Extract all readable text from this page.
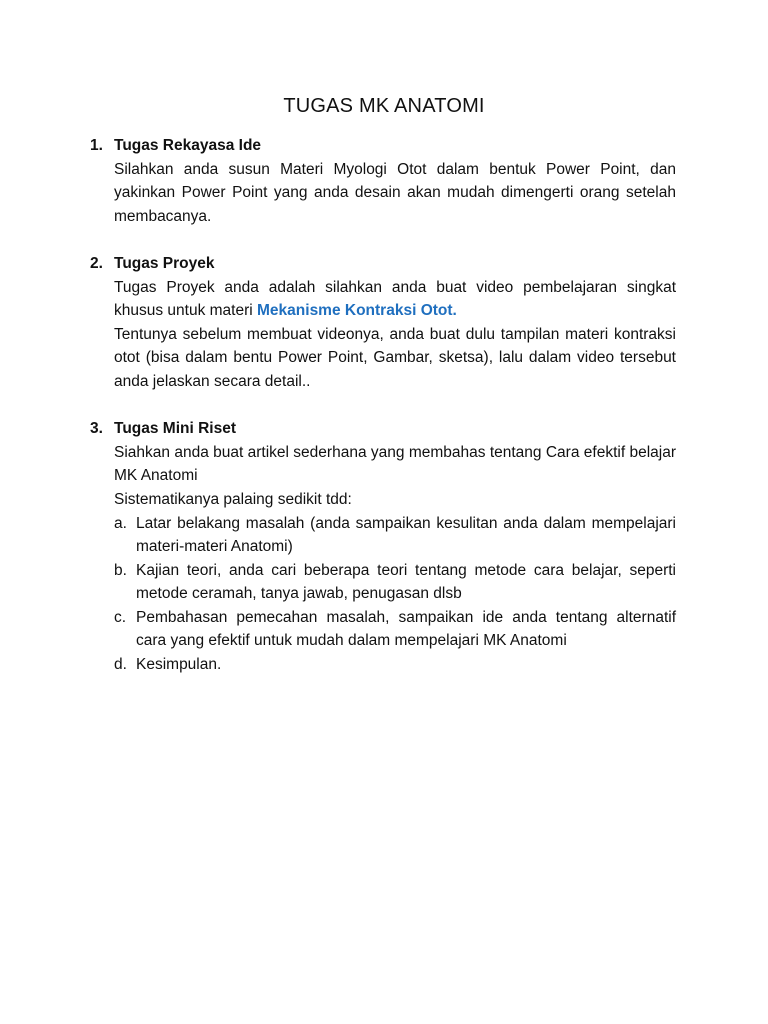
TUGAS MK ANATOMI
1. Tugas Rekayasa Ide

Silahkan anda susun Materi Myologi Otot dalam bentuk Power Point, dan yakinkan Power Point yang anda desain akan mudah dimengerti orang setelah membacanya.

2. Tugas Proyek

Tugas Proyek anda adalah silahkan anda buat video pembelajaran singkat khusus untuk materi Mekanisme Kontraksi Otot.

Tentunya sebelum membuat videonya, anda buat dulu tampilan materi kontraksi otot (bisa dalam bentu Power Point, Gambar, sketsa), lalu dalam video tersebut anda jelaskan secara detail..

3. Tugas Mini Riset

Siahkan anda buat artikel sederhana yang membahas tentang Cara efektif belajar MK Anatomi

Sistematikanya palaing sedikit tdd:

a. Latar belakang masalah (anda sampaikan kesulitan anda dalam mempelajari materi-materi Anatomi)
b. Kajian teori, anda cari beberapa teori tentang metode cara belajar, seperti metode ceramah, tanya jawab, penugasan dlsb
c. Pembahasan pemecahan masalah, sampaikan ide anda tentang alternatif cara yang efektif untuk mudah dalam mempelajari MK Anatomi
d. Kesimpulan.
